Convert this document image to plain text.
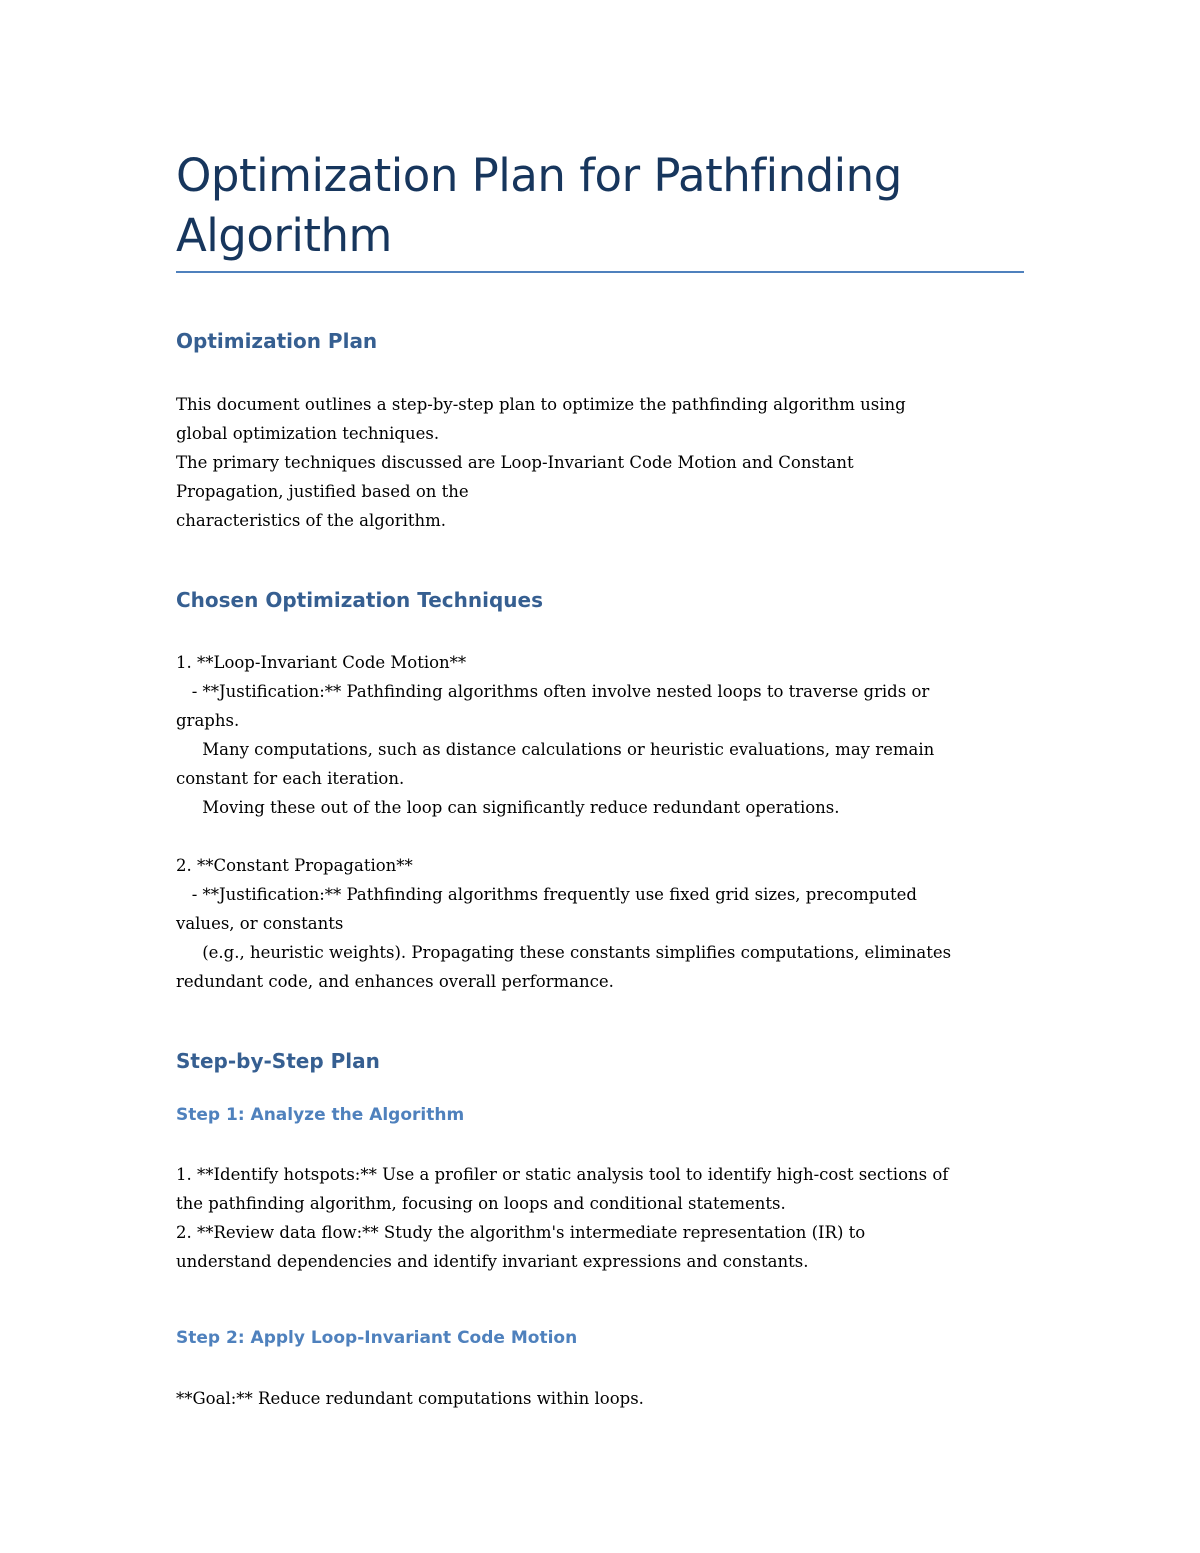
Optimization Plan for Pathfinding
Algorithm
Optimization Plan
This document outlines a step-by-step plan to optimize the pathfinding algorithm using
global optimization techniques.
The primary techniques discussed are Loop-Invariant Code Motion and Constant
Propagation, justified based on the
characteristics of the algorithm.
Chosen Optimization Techniques
1. **Loop-Invariant Code Motion**
- **Justification:** Pathfinding algorithms often involve nested loops to traverse grids or
graphs.
Many computations, such as distance calculations or heuristic evaluations, may remain
constant for each iteration.
Moving these out of the loop can significantly reduce redundant operations.
2. **Constant Propagation**
- **Justification:** Pathfinding algorithms frequently use fixed grid sizes, precomputed
values, or constants
(e.g., heuristic weights). Propagating these constants simplifies computations, eliminates
redundant code, and enhances overall performance.
Step-by-Step Plan
Step 1: Analyze the Algorithm
1. **Identify hotspots:** Use a profiler or static analysis tool to identify high-cost sections of
the pathfinding algorithm, focusing on loops and conditional statements.
2. **Review data flow:** Study the algorithm's intermediate representation (IR) to
understand dependencies and identify invariant expressions and constants.
Step 2: Apply Loop-Invariant Code Motion
**Goal:** Reduce redundant computations within loops.
